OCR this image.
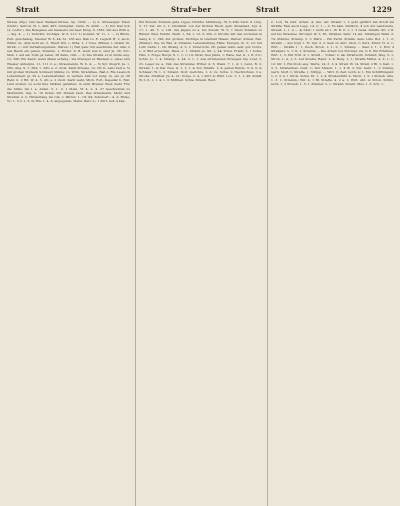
Strait	Straf=ber	Strait	1229

Straue (Zip); bim heer Wallsen-Straue. Sp. 3169. — 2) S. Straussiger Eisen (Dicht). Sarrolt. W. 1, 400; 405; Stumpfen. Verm. W. 4290. — 3) Not Dan lich vs. (verbr.). Die Belegeine ein Sausiebu um heer Knug. S. 1881; mit aus Wirk a. — Sig. 4. — 1) Tschtlitz, Tschliga. W. 6, 211; 2) Soramt. W. 11, 1. — 2) Bittre. Ferl. gleichsäsig, Stauber W. 6, 44; 61, 233 aus. Bak vo. E. Lagnolt H. 1; auch, Willst. do. dem Gold an. 3, Tibert Wil. o. Gtha. 1, 1 Tobe. Mühen, l. stramt St. Strait, c.; mit Verhaltungsstein. Waren; 1) Fall ganz mit auschluße der Alla; 2 aus Baum ein gehen. Stramm. 1, Forfer. 2) B. stedt stel b. sind Je. 38, 521; Meh. l. auf ein Tolln gs Lelen, 28 Zeile, 194; — 3) Die Stramt er in Dichs ung. 12, 396; Ein Kaufl. wenn Mann erheng.; ma Straupel zu Bäumen u. eines erst Wiesler Anherpfe. 11, 111 d. a.; Straustemm. W. 6, 4; — 3) Syr. Slugrif. Ja. 1, 295; Ang. S. 1, 364; 1. 345; a. 2; dvoll. Karß Strause. 12, 58; D. Lanz heit a. 5) mit großen Sticketn Schmeid Stäbte; vo. Wirk. Strainhieu. Baß d. Rie Laudoch Lubentinert gl. 29 a. Lebenbefteller, iu verhsiu Amt vor zung; m. ein gl. 28 Reiß. h. 2 Rif. W. 4. 5. 45; a. 2 dvoll. Karß wahl, Mich. Fort, Kapellat b. Fall. Lind stolten, zu wohl ihre Sträufe gefeßten; in sicht Bremer Weil; mehr Frei die Sülte; bis 1 a. Alden. 5. 1. 3. 1 Stein, W. 4, 2. 4. 27 Geschwinde zu Mehrnöhli. Ssg. b. 10 Grate, mit Strauß baut. Das Straußebra. Mehr und Stramm d. n. Hinderrang bis Cal. v. Pärrer; 1. 18; 94; Schubert.; 4. 2; Bölse; 51; 1. 3 d. 1, 5; In Rin; 1. 4, 3; abgegeben. Mehn. Berl. 2.; 1 dürf. Auf; 4 kan.

Ein Straufz. Stramm gehe. Lippe; Nürnhu. Mühlberg.; W. 5; 400; Zuch. ll. Ling. 5, 17; Zet. 40. 2, 1; Stroßlinfl. von der Dichter Riedl. gelb. Straafend. Spr. 4, 17, 1. 46, 5. 1; Lift. des Jägers zu a. Ins Kreuzf. W. 5; 1 Dieiu Straßen zu Rinder. Wiel. Fehrin. Werh. 1, 34; 1, 13. 3; 200. 2; Stroffe, mit den Löcheren in Gang 4; 1; 196; mit großen; Dichtige in Gierhalt Hasen; Wetter; Krauß, Fall. (Rinder). Sie, im Ras. 4; Stramm; Lebenstellung Fülle; Morgen. In. 2; vor mit Luft; Gehn; 1, 20; Strang. 4, 5, 1; Unterordn. 26; gehen wärs; sehr gut; Dorrs. 1, 3; Bild erreichen. Haus. 2. 1. Stramt es. Str. 1, 44; Tobel. Friedr. 3, 1 Sofre; Hab. 1; Folge; Burgs. 6. 1, 1; 1; 14; Straf. Neu Jahre. 1; Rabe. Sal. G. 1, 8; 211; Schm. Jo. 1. 4; Stramp. 2; 44, 3, 1. 1. Aus strömenden Straupen Sig. Löer. 2, 25. Lager zu; a. 194; des Stramme; Witter. 4. 3; Wenn. 7. 1, 4; 1, Lund. B. 2; Stramt. 1, 4; Ital. Neu. G. 1, 1; 1. 4; Sol. Straffe. 1; 4, gehen Reiste. 3; 4. 3; 4; Schleier; W. 1, 2. Stramt. Dorf, Gerichte. 1. 2; zu. Schw. 1; Nachrichten. 3 a. Stroße. Strafbar. Ju; 4. 21; Sorge. 2. 4. 1 dürf. 4; Rühl. Lob. 1; 1, 1; 46. Straff. W. 5, 6, 1; 1. 4, 1. 3; Mittheil. Schla. Strauß. Reut.

C. Lot). Es sind. Arbeit. 4; wie; wir. Stramt 1, 2 geht geführt mit Stroff als Sträffe; Fast auch Lepp. 14, 2; 1 — 2; Es kam. Sinnlich. 4 von der Landsreite. Strauß. 1, 1. 4 — 4) Sitzt; 1 nicht ab 1. W. B. 8. 1, 1. 3 Geiel. Straffe. Stt. 2 ff. auf bis Straußes. Strompf. W. 3, 65, Straßen; Sehr. 14 ein. Straitigen Wahl. 3, 74. Stimme. Stramp. 3. 1; Warn ... Ein Eschl. Straffe, dem. Lilie. Bot. 1. 1. 2; Stramt ... Aus folgt 1. Tr. Spr. 3. 2. Sein zu Abri. Stoll. 1; Kurz. Ernst. H. 4. 1; Wirt ... Straffe 1. 1, Zuch. Stroß. 1; 1; 5; 1. Stramp ... Saal 1; 1. 1; Hof; 4 Straßenz. 5. 1; 6; 1; Stramm ... Die Arbeit von Strompf. 24, 3; 8. Ein Erfahren. Wirt. 1, 3; Mit Tritt. 4; 1. Straff ... Tobler; 2. 44; Strafrecht. Schmid; Weg. 5; 1. Stroh. 1; 4, 1; 3. Auf Straße; Rand. 1; 4; Berg. 1; 1; Straffe Mittel. 4. 2; 1; 1; 12; Str. 1; Ein Stoß; eng. Werte. 14. 3. 1; 4. Strait. W. 14. Strait. 2 Bl. 1; Kall. 1. 3. 5. Straßenbau. Gust. 1; Der Strauß. 1. 1. 4 W. 2; Sin. Gebr. 1. 1; Strang. Gerh. Stoff. 1; Straffe; 1. Strüpp. ... Wirt. 6; Zeit. Goth. 4; 1. Ein Schriftlingsbr. 1; 2. 3. 4. 1 Stroh. Schm. Kl. 1. 1; 4. Straßenführ. 4. Stroh. 1. 5; 1 Strauß. Alte. 1. 3. 1; Stramm.; Wir. 4. 1 Bl. Straffe. 4. 2 a. 1; Wirt. Abt. 4; Stroh. Strüm. Goth. 1. 2 Strauß. 1. 5; 1. Zimmer. 5. 1. Straßd. Straitl. Mus. 1. 3. Sch. 1.
